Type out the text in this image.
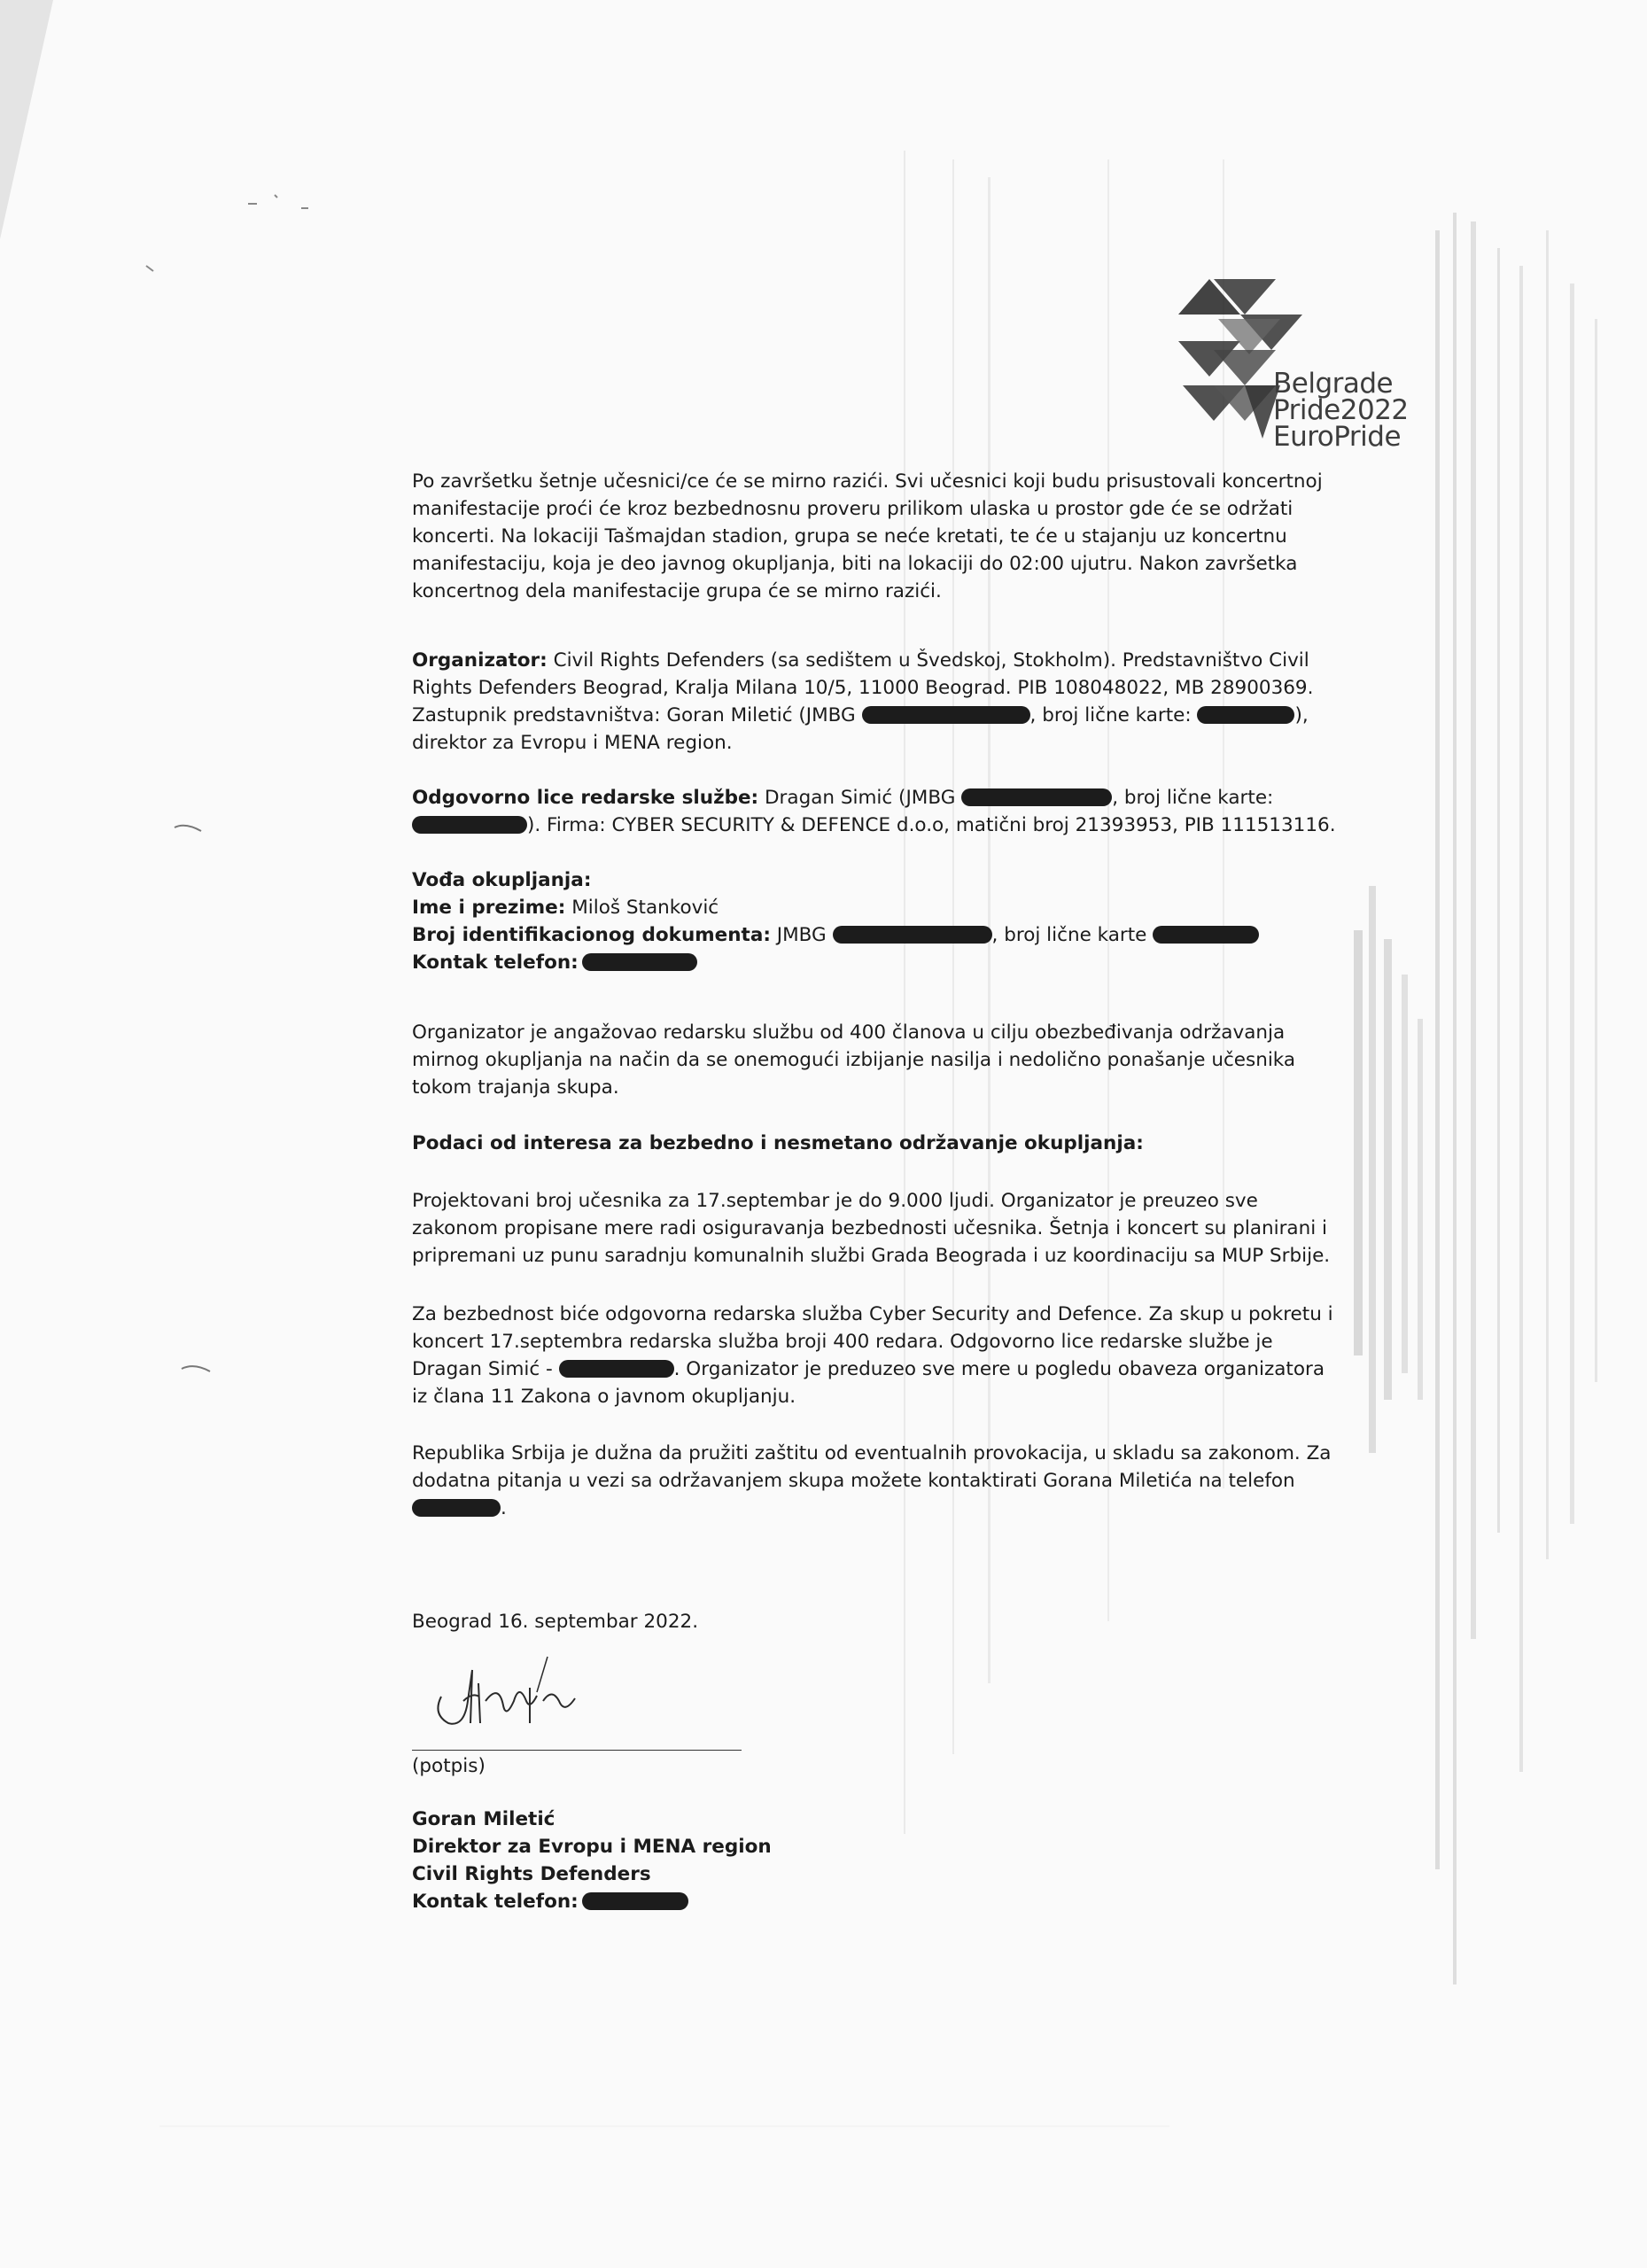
Belgrade
Pride2022
EuroPride

Po završetku šetnje učesnici/ce će se mirno razići. Svi učesnici koji budu prisustovali koncertnoj manifestacije proći će kroz bezbednosnu proveru prilikom ulaska u prostor gde će se održati koncerti. Na lokaciji Tašmajdan stadion, grupa se neće kretati, te će u stajanju uz koncertnu manifestaciju, koja je deo javnog okupljanja, biti na lokaciji do 02:00 ujutru. Nakon završetka koncertnog dela manifestacije grupa će se mirno razići.

Organizator: Civil Rights Defenders (sa sedištem u Švedskoj, Stokholm). Predstavništvo Civil Rights Defenders Beograd, Kralja Milana 10/5, 11000 Beograd. PIB 108048022, MB 28900369. Zastupnik predstavništva: Goran Miletić (JMBG	, broj lične karte:	), direktor za Evropu i MENA region.

Odgovorno lice redarske službe: Dragan Simić (JMBG	, broj lične karte: ). Firma: CYBER SECURITY & DEFENCE d.o.o, matični broj 21393953, PIB 111513116.

Vođa okupljanja:

Ime i prezime: Miloš Stanković

Broj identifikacionog dokumenta: JMBG	, broj lične karte

Kontak telefon:

Organizator je angažovao redarsku službu od 400 članova u cilju obezbeđivanja održavanja mirnog okupljanja na način da se onemogući izbijanje nasilja i nedolično ponašanje učesnika tokom trajanja skupa.

Podaci od interesa za bezbedno i nesmetano održavanje okupljanja:

Projektovani broj učesnika za 17.septembar je do 9.000 ljudi. Organizator je preuzeo sve zakonom propisane mere radi osiguravanja bezbednosti učesnika. Šetnja i koncert su planirani i pripremani uz punu saradnju komunalnih službi Grada Beograda i uz koordinaciju sa MUP Srbije.

Za bezbednost biće odgovorna redarska služba Cyber Security and Defence. Za skup u pokretu i koncert 17.septembra redarska služba broji 400 redara. Odgovorno lice redarske službe je Dragan Simić -	. Organizator je preduzeo sve mere u pogledu obaveza organizatora iz člana 11 Zakona o javnom okupljanju.

Republika Srbija je dužna da pružiti zaštitu od eventualnih provokacija, u skladu sa zakonom. Za dodatna pitanja u vezi sa održavanjem skupa možete kontaktirati Gorana Miletića na telefon .

Beograd 16. septembar 2022.

(potpis)

Goran Miletić

Direktor za Evropu i MENA region

Civil Rights Defenders

Kontak telefon:
